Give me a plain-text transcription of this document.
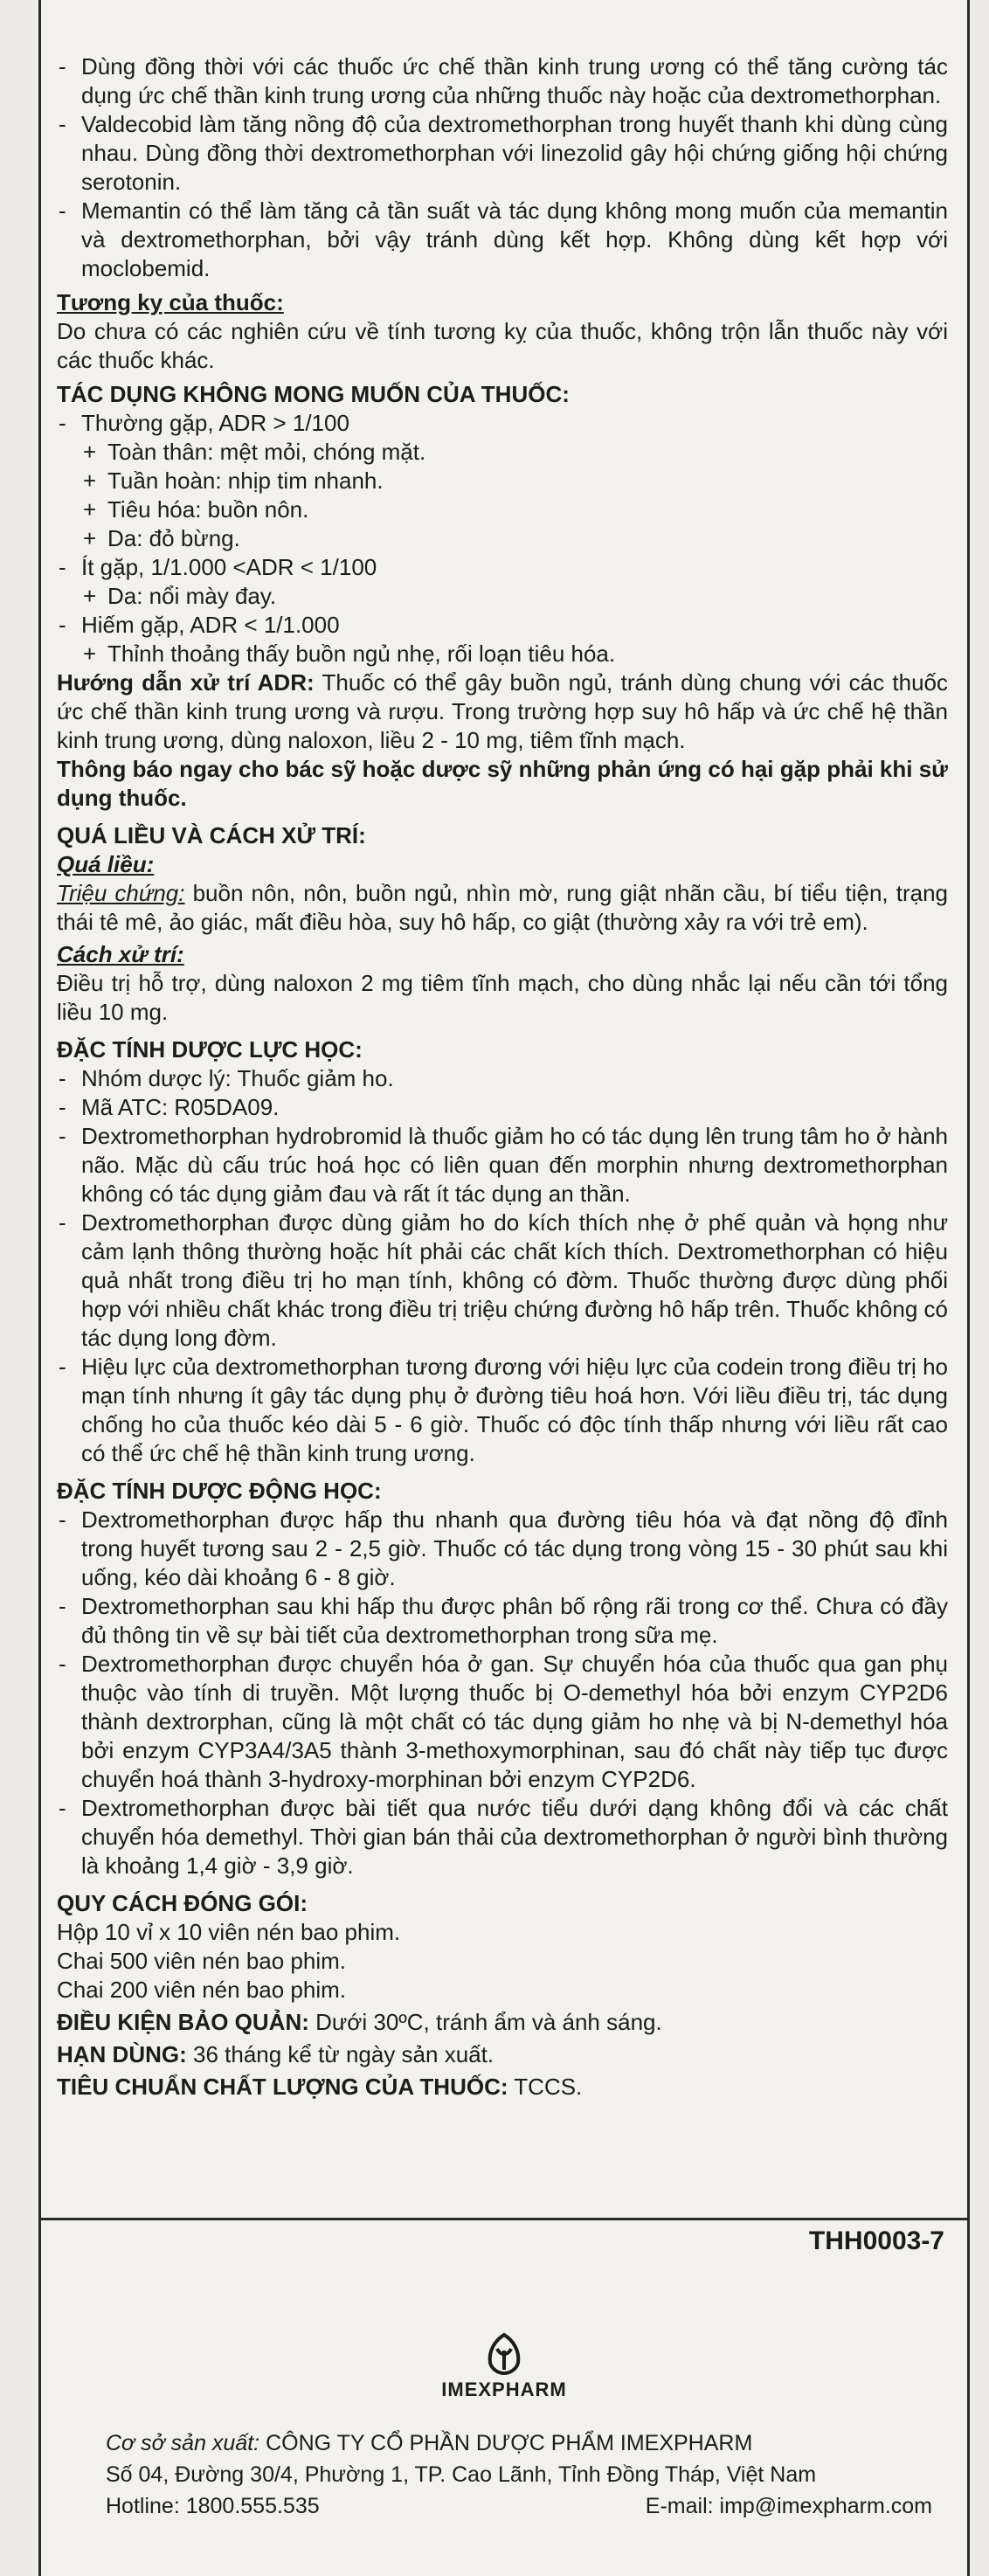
- Dùng đồng thời với các thuốc ức chế thần kinh trung ương có thể tăng cường tác dụng ức chế thần kinh trung ương của những thuốc này hoặc của dextromethorphan.
- Valdecobid làm tăng nồng độ của dextromethorphan trong huyết thanh khi dùng cùng nhau. Dùng đồng thời dextromethorphan với linezolid gây hội chứng giống hội chứng serotonin.
- Memantin có thể làm tăng cả tần suất và tác dụng không mong muốn của memantin và dextromethorphan, bởi vậy tránh dùng kết hợp. Không dùng kết hợp với moclobemid.
Tương kỵ của thuốc:
Do chưa có các nghiên cứu về tính tương kỵ của thuốc, không trộn lẫn thuốc này với các thuốc khác.
TÁC DỤNG KHÔNG MONG MUỐN CỦA THUỐC:
- Thường gặp, ADR > 1/100
+ Toàn thân: mệt mỏi, chóng mặt.
+ Tuần hoàn: nhịp tim nhanh.
+ Tiêu hóa: buồn nôn.
+ Da: đỏ bừng.
- Ít gặp, 1/1.000 <ADR < 1/100
+ Da: nổi mày đay.
- Hiếm gặp, ADR < 1/1.000
+ Thỉnh thoảng thấy buồn ngủ nhẹ, rối loạn tiêu hóa.
Hướng dẫn xử trí ADR: Thuốc có thể gây buồn ngủ, tránh dùng chung với các thuốc ức chế thần kinh trung ương và rượu. Trong trường hợp suy hô hấp và ức chế hệ thần kinh trung ương, dùng naloxon, liều 2 - 10 mg, tiêm tĩnh mạch.
Thông báo ngay cho bác sỹ hoặc dược sỹ những phản ứng có hại gặp phải khi sử dụng thuốc.
QUÁ LIỀU VÀ CÁCH XỬ TRÍ:
Quá liều:
Triệu chứng: buồn nôn, nôn, buồn ngủ, nhìn mờ, rung giật nhãn cầu, bí tiểu tiện, trạng thái tê mê, ảo giác, mất điều hòa, suy hô hấp, co giật (thường xảy ra với trẻ em).
Cách xử trí:
Điều trị hỗ trợ, dùng naloxon 2 mg tiêm tĩnh mạch, cho dùng nhắc lại nếu cần tới tổng liều 10 mg.
ĐẶC TÍNH DƯỢC LỰC HỌC:
- Nhóm dược lý: Thuốc giảm ho.
- Mã ATC: R05DA09.
- Dextromethorphan hydrobromid là thuốc giảm ho có tác dụng lên trung tâm ho ở hành não. Mặc dù cấu trúc hoá học có liên quan đến morphin nhưng dextromethorphan không có tác dụng giảm đau và rất ít tác dụng an thần.
- Dextromethorphan được dùng giảm ho do kích thích nhẹ ở phế quản và họng như cảm lạnh thông thường hoặc hít phải các chất kích thích. Dextromethorphan có hiệu quả nhất trong điều trị ho mạn tính, không có đờm. Thuốc thường được dùng phối hợp với nhiều chất khác trong điều trị triệu chứng đường hô hấp trên. Thuốc không có tác dụng long đờm.
- Hiệu lực của dextromethorphan tương đương với hiệu lực của codein trong điều trị ho mạn tính nhưng ít gây tác dụng phụ ở đường tiêu hoá hơn. Với liều điều trị, tác dụng chống ho của thuốc kéo dài 5 - 6 giờ. Thuốc có độc tính thấp nhưng với liều rất cao có thể ức chế hệ thần kinh trung ương.
ĐẶC TÍNH DƯỢC ĐỘNG HỌC:
- Dextromethorphan được hấp thu nhanh qua đường tiêu hóa và đạt nồng độ đỉnh trong huyết tương sau 2 - 2,5 giờ. Thuốc có tác dụng trong vòng 15 - 30 phút sau khi uống, kéo dài khoảng 6 - 8 giờ.
- Dextromethorphan sau khi hấp thu được phân bố rộng rãi trong cơ thể. Chưa có đầy đủ thông tin về sự bài tiết của dextromethorphan trong sữa mẹ.
- Dextromethorphan được chuyển hóa ở gan. Sự chuyển hóa của thuốc qua gan phụ thuộc vào tính di truyền. Một lượng thuốc bị O-demethyl hóa bởi enzym CYP2D6 thành dextrorphan, cũng là một chất có tác dụng giảm ho nhẹ và bị N-demethyl hóa bởi enzym CYP3A4/3A5 thành 3-methoxymorphinan, sau đó chất này tiếp tục được chuyển hoá thành 3-hydroxy-morphinan bởi enzym CYP2D6.
- Dextromethorphan được bài tiết qua nước tiểu dưới dạng không đổi và các chất chuyển hóa demethyl. Thời gian bán thải của dextromethorphan ở người bình thường là khoảng 1,4 giờ - 3,9 giờ.
QUY CÁCH ĐÓNG GÓI:
Hộp 10 vỉ x 10 viên nén bao phim.
Chai 500 viên nén bao phim.
Chai 200 viên nén bao phim.
ĐIỀU KIỆN BẢO QUẢN: Dưới 30ºC, tránh ẩm và ánh sáng.
HẠN DÙNG: 36 tháng kể từ ngày sản xuất.
TIÊU CHUẨN CHẤT LƯỢNG CỦA THUỐC: TCCS.
THH0003-7
IMEXPHARM
Cơ sở sản xuất: CÔNG TY CỔ PHẦN DƯỢC PHẨM IMEXPHARM
Số 04, Đường 30/4, Phường 1, TP. Cao Lãnh, Tỉnh Đồng Tháp, Việt Nam
Hotline: 1800.555.535	E-mail: imp@imexpharm.com
